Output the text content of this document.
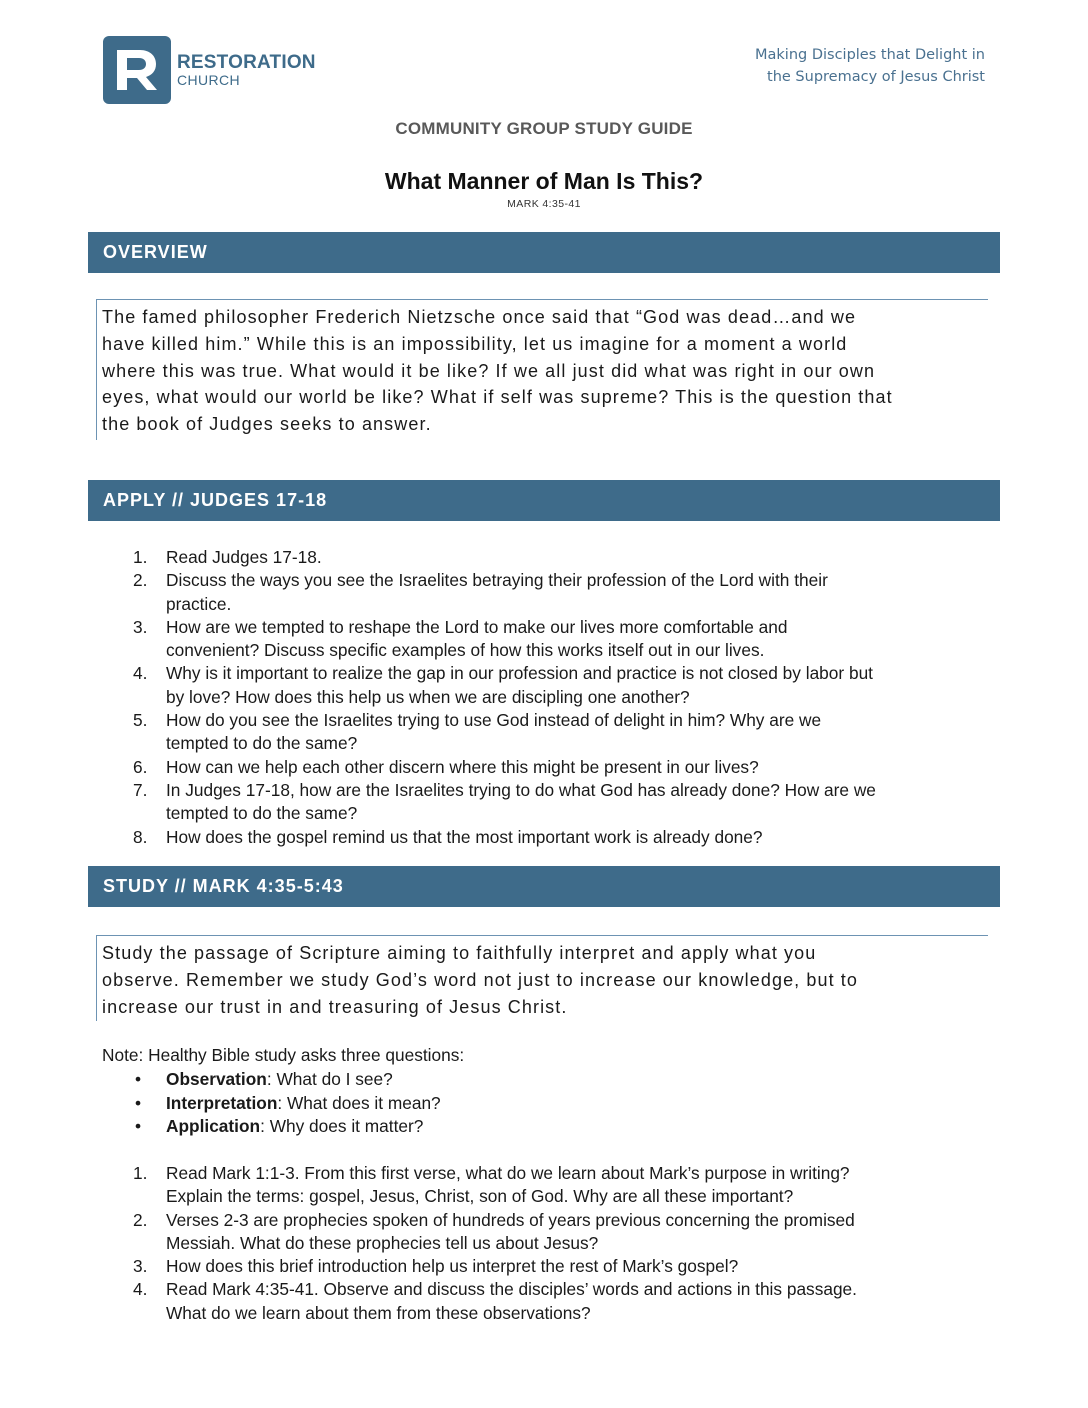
RESTORATION
CHURCH
Making Disciples that Delight in
the Supremacy of Jesus Christ
COMMUNITY GROUP STUDY GUIDE
What Manner of Man Is This?
MARK 4:35-41
OVERVIEW
The famed philosopher Frederich Nietzsche once said that “God was dead…and we
have killed him.” While this is an impossibility, let us imagine for a moment a world
where this was true. What would it be like? If we all just did what was right in our own
eyes, what would our world be like? What if self was supreme? This is the question that
the book of Judges seeks to answer.
APPLY // JUDGES 17-18
1. Read Judges 17-18.
2. Discuss the ways you see the Israelites betraying their profession of the Lord with their
practice.
3. How are we tempted to reshape the Lord to make our lives more comfortable and
convenient? Discuss specific examples of how this works itself out in our lives.
4. Why is it important to realize the gap in our profession and practice is not closed by labor but
by love? How does this help us when we are discipling one another?
5. How do you see the Israelites trying to use God instead of delight in him? Why are we
tempted to do the same?
6. How can we help each other discern where this might be present in our lives?
7. In Judges 17-18, how are the Israelites trying to do what God has already done? How are we
tempted to do the same?
8. How does the gospel remind us that the most important work is already done?
STUDY // MARK 4:35-5:43
Study the passage of Scripture aiming to faithfully interpret and apply what you
observe. Remember we study God’s word not just to increase our knowledge, but to
increase our trust in and treasuring of Jesus Christ.
Note: Healthy Bible study asks three questions:
• Observation: What do I see?
• Interpretation: What does it mean?
• Application: Why does it matter?
1. Read Mark 1:1-3. From this first verse, what do we learn about Mark’s purpose in writing?
Explain the terms: gospel, Jesus, Christ, son of God. Why are all these important?
2. Verses 2-3 are prophecies spoken of hundreds of years previous concerning the promised
Messiah. What do these prophecies tell us about Jesus?
3. How does this brief introduction help us interpret the rest of Mark’s gospel?
4. Read Mark 4:35-41. Observe and discuss the disciples’ words and actions in this passage.
What do we learn about them from these observations?
